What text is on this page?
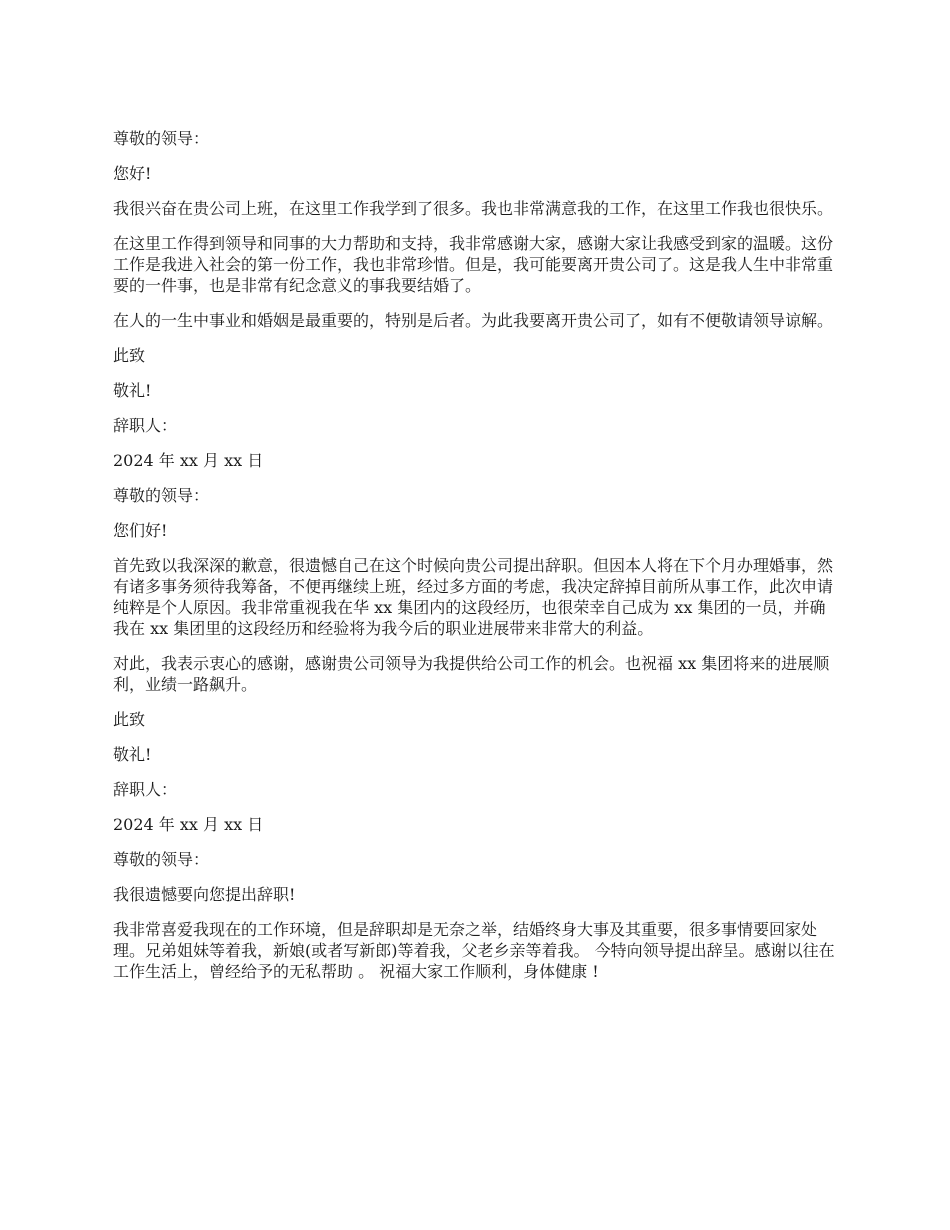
尊敬的领导：

您好!

我很兴奋在贵公司上班，在这里工作我学到了很多。我也非常满意我的工作，在这里工作我也很快乐。

在这里工作得到领导和同事的大力帮助和支持，我非常感谢大家，感谢大家让我感受到家的温暖。这份工作是我进入社会的第一份工作，我也非常珍惜。但是，我可能要离开贵公司了。这是我人生中非常重要的一件事，也是非常有纪念意义的事我要结婚了。

在人的一生中事业和婚姻是最重要的，特别是后者。为此我要离开贵公司了，如有不便敬请领导谅解。

此致

敬礼!

辞职人：

2024 年 xx 月 xx 日

尊敬的领导：

您们好!

首先致以我深深的歉意，很遗憾自己在这个时候向贵公司提出辞职。但因本人将在下个月办理婚事，然有诸多事务须待我筹备，不便再继续上班，经过多方面的考虑，我决定辞掉目前所从事工作，此次申请纯粹是个人原因。我非常重视我在华 xx 集团内的这段经历，也很荣幸自己成为 xx 集团的一员，并确我在 xx 集团里的这段经历和经验将为我今后的职业进展带来非常大的利益。

对此，我表示衷心的感谢，感谢贵公司领导为我提供给公司工作的机会。也祝福 xx 集团将来的进展顺利，业绩一路飙升。

此致

敬礼!

辞职人：

2024 年 xx 月 xx 日

尊敬的领导：

我很遗憾要向您提出辞职!

我非常喜爱我现在的工作环境，但是辞职却是无奈之举，结婚终身大事及其重要，很多事情要回家处理。兄弟姐妹等着我，新娘(或者写新郎)等着我，父老乡亲等着我。 今特向领导提出辞呈。感谢以往在工作生活上，曾经给予的无私帮助 。 祝福大家工作顺利，身体健康 !
